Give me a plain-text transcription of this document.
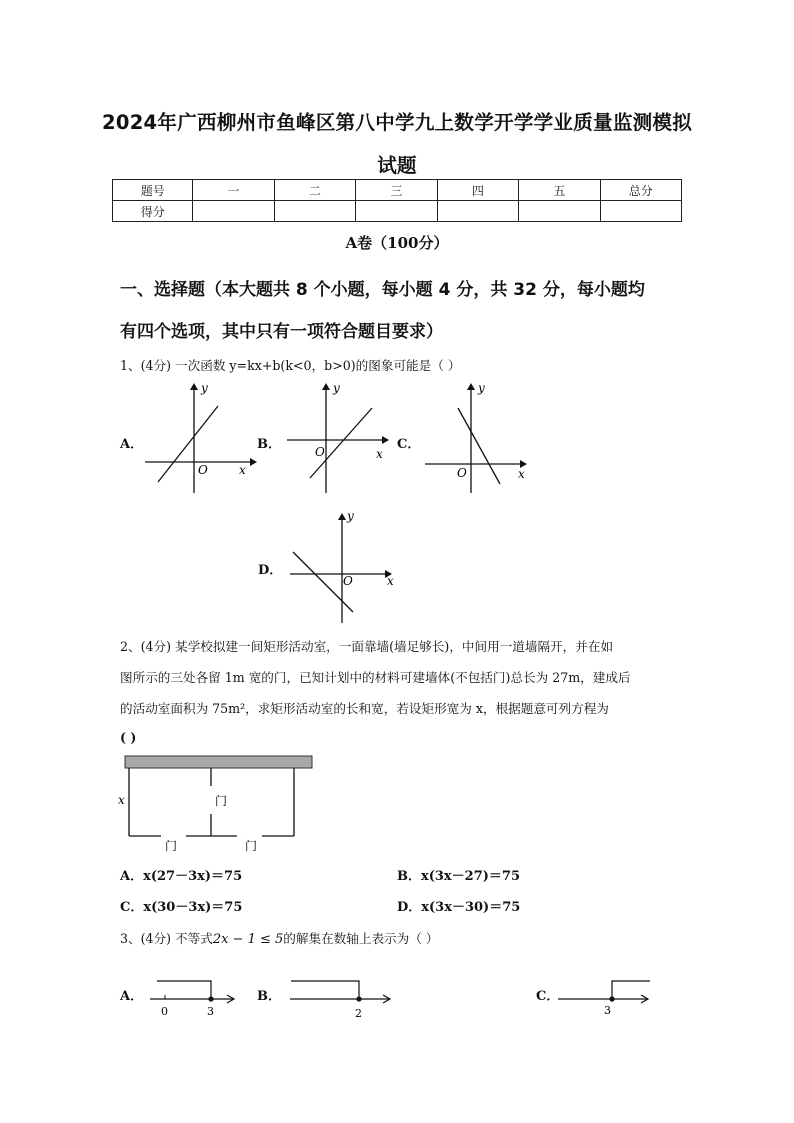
2024年广西柳州市鱼峰区第八中学九上数学开学学业质量监测模拟
试题
题号	一	二	三	四	五	总分
得分						
A卷（100分）
一、选择题（本大题共 8 个小题，每小题 4 分，共 32 分，每小题均
有四个选项，其中只有一项符合题目要求）
1、(4分) 一次函数 y=kx+b(k<0，b>0)的图象可能是（ ）
A．
O	x
y
B．	O	x
y
C．
O	x
y
D．
O	x
y
2、(4分) 某学校拟建一间矩形活动室，一面靠墙(墙足够长)，中间用一道墙隔开，并在如
图所示的三处各留 1m 宽的门，已知计划中的材料可建墙体(不包括门)总长为 27m，建成后
的活动室面积为 75m²，求矩形活动室的长和宽，若设矩形宽为 x，根据题意可列方程为
( )
x	门
门	门
A．x(27－3x)＝75	B．x(3x－27)＝75
C．x(30－3x)＝75	D．x(3x－30)＝75
3、(4分) 不等式2x − 1 ≤ 5的解集在数轴上表示为（ ）
A．
0	3
B．
2
C．
3
